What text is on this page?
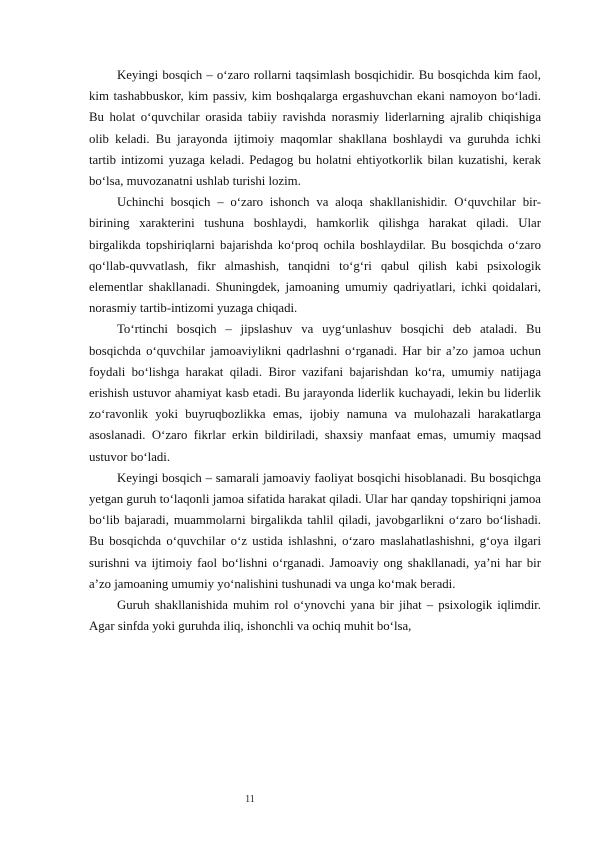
Keyingi bosqich – o‘zaro rollarni taqsimlash bosqichidir. Bu bosqichda kim faol, kim tashabbuskor, kim passiv, kim boshqalarga ergashuvchan ekani namoyon bo‘ladi. Bu holat o‘quvchilar orasida tabiiy ravishda norasmiy liderlarning ajralib chiqishiga olib keladi. Bu jarayonda ijtimoiy maqomlar shakllana boshlaydi va guruhda ichki tartib intizomi yuzaga keladi. Pedagog bu holatni ehtiyotkorlik bilan kuzatishi, kerak bo‘lsa, muvozanatni ushlab turishi lozim.

Uchinchi bosqich – o‘zaro ishonch va aloqa shakllanishidir. O‘quvchilar bir-birining xarakterini tushuna boshlaydi, hamkorlik qilishga harakat qiladi. Ular birgalikda topshiriqlarni bajarishda ko‘proq ochila boshlaydilar. Bu bosqichda o‘zaro qo‘llab-quvvatlash, fikr almashish, tanqidni to‘g‘ri qabul qilish kabi psixologik elementlar shakllanadi. Shuningdek, jamoaning umumiy qadriyatlari, ichki qoidalari, norasmiy tartib-intizomi yuzaga chiqadi.

To‘rtinchi bosqich – jipslashuv va uyg‘unlashuv bosqichi deb ataladi. Bu bosqichda o‘quvchilar jamoaviylikni qadrlashni o‘rganadi. Har bir a’zo jamoa uchun foydali bo‘lishga harakat qiladi. Biror vazifani bajarishdan ko‘ra, umumiy natijaga erishish ustuvor ahamiyat kasb etadi. Bu jarayonda liderlik kuchayadi, lekin bu liderlik zo‘ravonlik yoki buyruqbozlikka emas, ijobiy namuna va mulohazali harakatlarga asoslanadi. O‘zaro fikrlar erkin bildiriladi, shaxsiy manfaat emas, umumiy maqsad ustuvor bo‘ladi.

Keyingi bosqich – samarali jamoaviy faoliyat bosqichi hisoblanadi. Bu bosqichga yetgan guruh to‘laqonli jamoa sifatida harakat qiladi. Ular har qanday topshiriqni jamoa bo‘lib bajaradi, muammolarni birgalikda tahlil qiladi, javobgarlikni o‘zaro bo‘lishadi. Bu bosqichda o‘quvchilar o‘z ustida ishlashni, o‘zaro maslahatlashishni, g‘oya ilgari surishni va ijtimoiy faol bo‘lishni o‘rganadi. Jamoaviy ong shakllanadi, ya’ni har bir a’zo jamoaning umumiy yo‘nalishini tushunadi va unga ko‘mak beradi.

Guruh shakllanishida muhim rol o‘ynovchi yana bir jihat – psixologik iqlimdir. Agar sinfda yoki guruhda iliq, ishonchli va ochiq muhit bo‘lsa,

11
